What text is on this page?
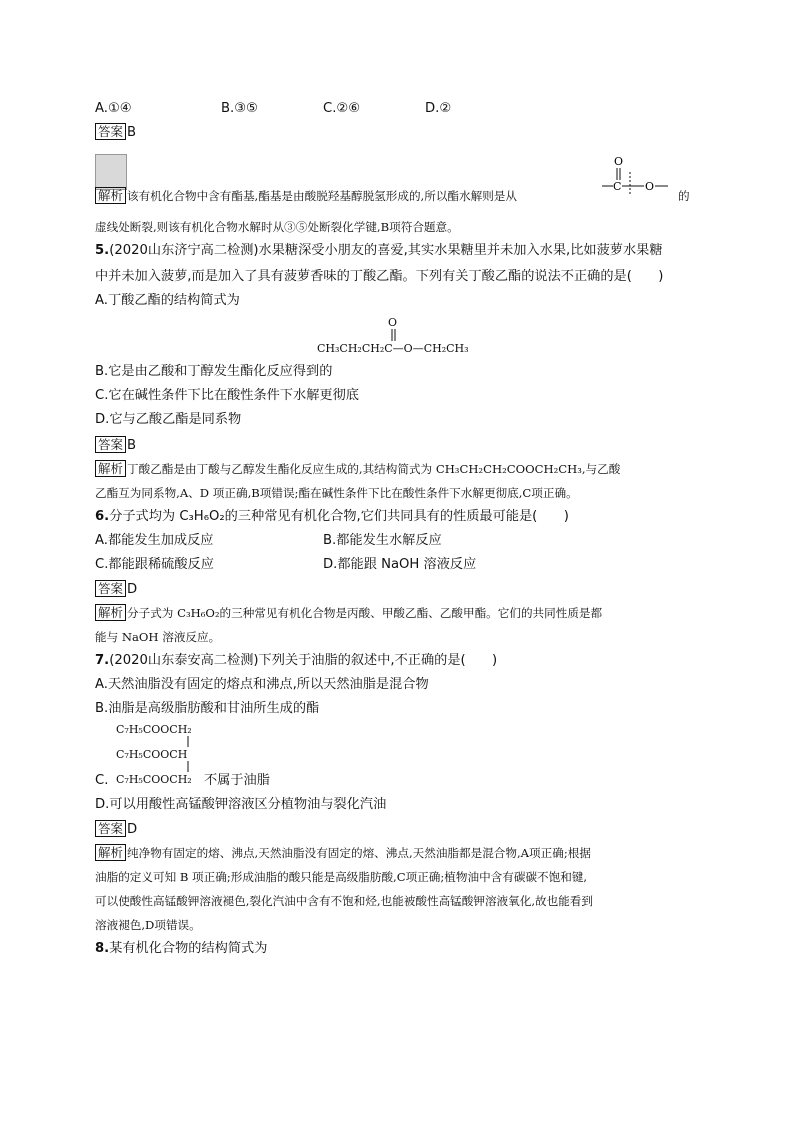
A.①④	B.③⑤	C.②⑥	D.②
答案 B
解析 该有机化合物中含有酯基,酯基是由酸脱羟基醇脱氢形成的,所以酯水解则是从
O
C O
的
虚线处断裂,则该有机化合物水解时从③⑤处断裂化学键,B项符合题意。
5.(2020山东济宁高二检测)水果糖深受小朋友的喜爱,其实水果糖里并未加入水果,比如菠萝水果糖
中并未加入菠萝,而是加入了具有菠萝香味的丁酸乙酯。下列有关丁酸乙酯的说法不正确的是(　　)
A.丁酸乙酯的结构简式为
O
CH₃CH₂CH₂C—O—CH₂CH₃
B.它是由乙酸和丁醇发生酯化反应得到的
C.它在碱性条件下比在酸性条件下水解更彻底
D.它与乙酸乙酯是同系物
答案 B
解析 丁酸乙酯是由丁酸与乙醇发生酯化反应生成的,其结构简式为 CH₃CH₂CH₂COOCH₂CH₃,与乙酸
乙酯互为同系物,A、D 项正确,B项错误;酯在碱性条件下比在酸性条件下水解更彻底,C项正确。
6.分子式均为 C₃H₆O₂的三种常见有机化合物,它们共同具有的性质最可能是(　　)
A.都能发生加成反应	B.都能发生水解反应
C.都能跟稀硫酸反应	D.都能跟 NaOH 溶液反应
答案 D
解析 分子式为 C₃H₆O₂的三种常见有机化合物是丙酸、甲酸乙酯、乙酸甲酯。它们的共同性质是都
能与 NaOH 溶液反应。
7.(2020山东泰安高二检测)下列关于油脂的叙述中,不正确的是(　　)
A.天然油脂没有固定的熔点和沸点,所以天然油脂是混合物
B.油脂是高级脂肪酸和甘油所生成的酯
C₇H₅COOCH₂
C₇H₅COOCH
C. C₇H₅COOCH₂ 不属于油脂
D.可以用酸性高锰酸钾溶液区分植物油与裂化汽油
答案 D
解析 纯净物有固定的熔、沸点,天然油脂没有固定的熔、沸点,天然油脂都是混合物,A项正确;根据
油脂的定义可知 B 项正确;形成油脂的酸只能是高级脂肪酸,C项正确;植物油中含有碳碳不饱和键,
可以使酸性高锰酸钾溶液褪色,裂化汽油中含有不饱和烃,也能被酸性高锰酸钾溶液氧化,故也能看到
溶液褪色,D项错误。
8.某有机化合物的结构简式为
